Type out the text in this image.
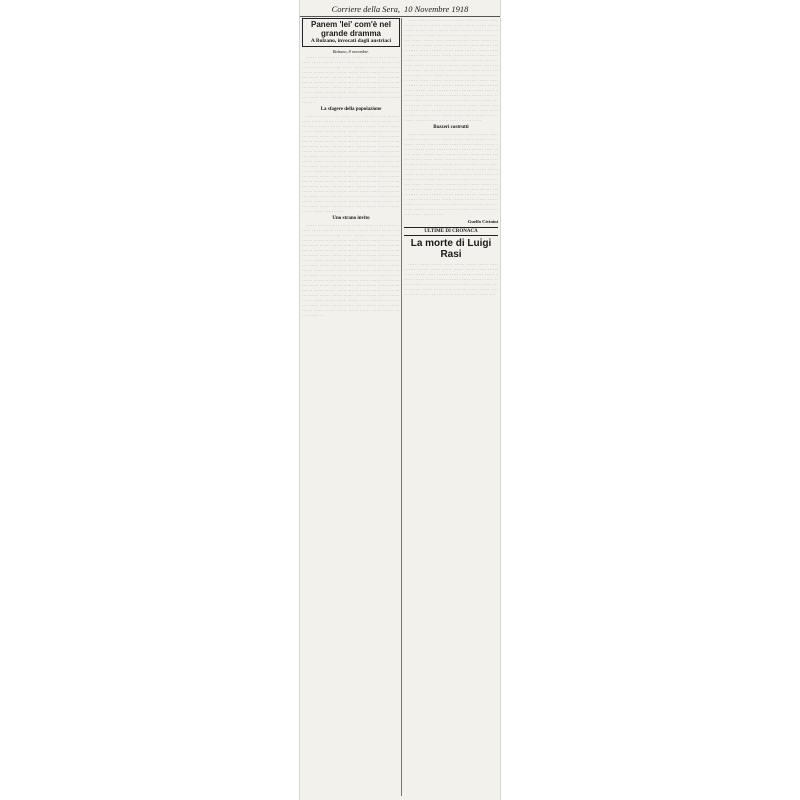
Corriere della Sera, 10 Novembre 1918
Panem 'lei' com'è nel grande dramma
A Bolzano, invocati dagli austriaci
Bolzano, 8 novembre.

······ ······ ······ ······ ······ ······ ······ ······ ······ ······ ······ ······ ······ ······ ······ ······ ······ ······ ······ ······ ······ ······ ······ ······ ······ ······ ······ ······ ······ ······ ······ ······ ······ ······ ······ ······ ······ ······ ······ ······ ······ ······ ······ ······ ······ ······ ······ ······ ······ ······ ······ ······ ······ ······ ······ ······ ······ ······ ······ ······ ······ ······ ······ ······ ······ ······ ······ ······ ······ ······ ······ ······ ······ ······ ······ ······ ······ ·

La sfagere della popolazione

······ ······ ······ ······ ······ ······ ······ ······ ······ ······ ······ ······ ······ ······ ······ ······ ······ ······ ······ ······ ······ ······ ······ ······ ······ ······ ······ ······ ······ ······ ······ ······ ······ ······ ······ ······ ······ ······ ······ ······ ······ ······ ······ ······ ······ ······ ······ ······ ······ ······ ······ ······ ······ ······ ······ ······ ······ ······ ······ ······ ······ ······ ······ ······ ······ ······ ······ ······ ······ ······ ······ ······ ······ ······ ······ ······ ······ ······ ······ ······ ······ ······ ······ ······ ······ ······ ······ ······ ······ ······ ······ ······ ······ ······ ······ ······ ······ ······ ······ ······ ······ ······ ······ ······ ······ ······ ······ ······ ······ ······ ······ ······ ······ ······ ······ ······ ······ ······ ······ ······ ······ ······ ······ ······ ······ ······ ······ ······ ······ ······ ······ ······ ······ ······ ······ ······ ······ ······ ······ ······ ······ ······ ······ ······ ······ ······ ······ ······ ······ ······ ······ ······ ······ ······ ······ ······ ······ ······ ······ ······ ······ ······ ······ ······ ····

Uno strano invito

······ ······ ······ ······ ······ ······ ······ ······ ······ ······ ······ ······ ······ ······ ······ ······ ······ ······ ······ ······ ······ ······ ······ ······ ······ ······ ······ ······ ······ ······ ······ ······ ······ ······ ······ ······ ······ ······ ······ ······ ······ ······ ······ ······ ······ ······ ······ ······ ······ ······ ······ ······ ······ ······ ······ ······ ······ ······ ······ ······ ······ ······ ······ ······ ······ ······ ······ ······ ······ ······ ······ ······ ······ ······ ······ ······ ······ ······ ······ ······ ······ ······ ······ ······ ······ ······ ······ ······ ······ ······ ······ ······ ······ ······ ······ ······ ······ ······ ······ ······ ······ ······ ······ ······ ······ ······ ······ ······ ······ ······ ······ ······ ······ ······ ······ ······ ······ ······ ······ ······ ······ ······ ······ ······ ······ ······ ······ ······ ······ ······ ······ ······ ······ ······ ······ ······ ······ ······ ······ ······ ······ ······ ······ ······ ······ ······ ······ ······ ······ ······ ······ ······ ······ ······ ··

······ ······ ······ ······ ······ ······ ······ ······ ······ ······ ······ ······ ······ ······ ······ ······ ······ ······ ······ ······ ······ ······ ······ ······ ······ ······ ······ ······ ······ ······ ······ ······ ······ ······ ······ ······ ······ ······ ······ ······ ······ ······ ······ ······ ······ ······ ······ ······ ······ ······ ······ ······ ······ ······ ······ ······ ······ ······ ······ ······ ······ ······ ······ ······ ······ ······ ······ ······ ······ ······ ······ ······ ······ ······ ······ ······ ······ ······ ······ ······ ······ ······ ······ ······ ······ ······ ······ ······ ······ ······ ······ ······ ······ ······ ······ ······ ······ ······ ······ ······ ······ ······ ······ ······ ······ ······ ······ ······ ······ ······ ······ ······ ······ ······ ······ ······ ······ ······ ······ ······ ······ ······ ······ ······ ······ ······ ······ ······ ······ ······ ······ ······ ······ ······ ······ ······ ······ ······ ······ ······ ······ ······ ······ ······ ······ ······ ······ ······ ······ ······ ······ ······ ······ ······ ······ ······ ······ ······ ······ ······ ······ ······ ······ ······ ······ ······ ······ ······ ······ ·····

Bozzeri costrutti

······ ······ ······ ······ ······ ······ ······ ······ ······ ······ ······ ······ ······ ······ ······ ······ ······ ······ ······ ······ ······ ······ ······ ······ ······ ······ ······ ······ ······ ······ ······ ······ ······ ······ ······ ······ ······ ······ ······ ······ ······ ······ ······ ······ ······ ······ ······ ······ ······ ······ ······ ······ ······ ······ ······ ······ ······ ······ ······ ······ ······ ······ ······ ······ ······ ······ ······ ······ ······ ······ ······ ······ ······ ······ ······ ······ ······ ······ ······ ······ ······ ······ ······ ······ ······ ······ ······ ······ ······ ······ ······ ······ ······ ······ ······ ······ ······ ······ ······ ······ ······ ······ ······ ······ ······ ······ ······ ······ ······ ······ ······ ······ ······ ······ ······ ······ ······ ······ ······ ······ ······ ······ ······ ······ ······ ······ ······ ······ ······ ······ ······ ······ ······ ·····

Guelfo Civinini
ULTIME DI CRONACA
La morte di Luigi Rasi

······ ······ ······ ······ ······ ······ ······ ······ ······ ······ ······ ······ ······ ······ ······ ······ ······ ······ ······ ······ ······ ······ ······ ······ ······ ······ ······ ······ ······ ······ ······ ······ ······ ······ ······ ······ ······ ······ ······ ······ ······ ······ ······ ······ ······ ······ ······ ······ ······ ······ ······ ······ ······ ······ ······ ······ ····
